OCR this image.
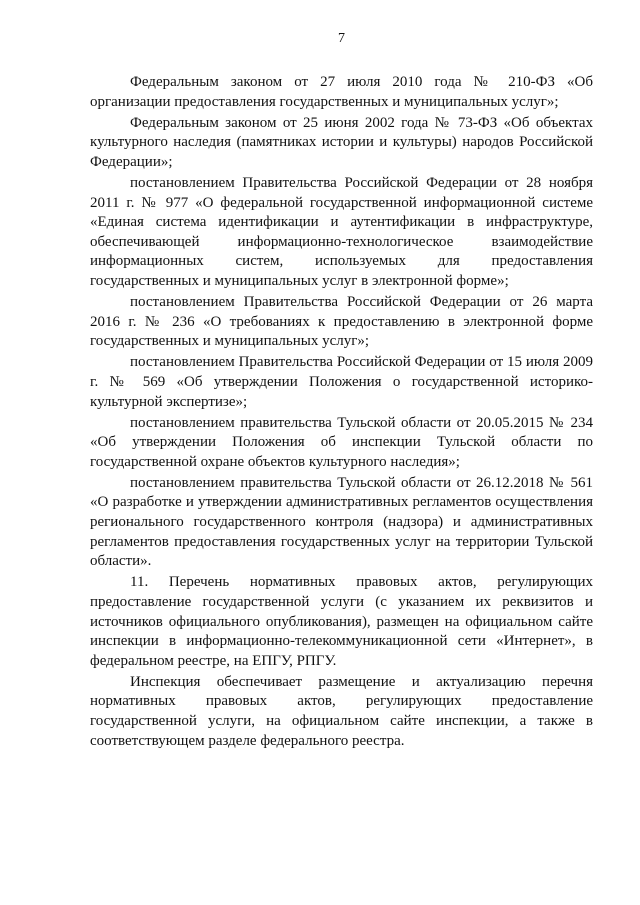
7

Федеральным законом от 27 июля 2010 года № 210-ФЗ «Об организации предоставления государственных и муниципальных услуг»;

Федеральным законом от 25 июня 2002 года № 73-ФЗ «Об объектах культурного наследия (памятниках истории и культуры) народов Российской Федерации»;

постановлением Правительства Российской Федерации от 28 ноября 2011 г. № 977 «О федеральной государственной информационной системе «Единая система идентификации и аутентификации в инфраструктуре, обеспечивающей информационно-технологическое взаимодействие информационных систем, используемых для предоставления государственных и муниципальных услуг в электронной форме»;

постановлением Правительства Российской Федерации от 26 марта 2016 г. № 236 «О требованиях к предоставлению в электронной форме государственных и муниципальных услуг»;

постановлением Правительства Российской Федерации от 15 июля 2009 г. № 569 «Об утверждении Положения о государственной историко-культурной экспертизе»;

постановлением правительства Тульской области от 20.05.2015 № 234 «Об утверждении Положения об инспекции Тульской области по государственной охране объектов культурного наследия»;

постановлением правительства Тульской области от 26.12.2018 № 561 «О разработке и утверждении административных регламентов осуществления регионального государственного контроля (надзора) и административных регламентов предоставления государственных услуг на территории Тульской области».

11. Перечень нормативных правовых актов, регулирующих предоставление государственной услуги (с указанием их реквизитов и источников официального опубликования), размещен на официальном сайте инспекции в информационно-телекоммуникационной сети «Интернет», в федеральном реестре, на ЕПГУ, РПГУ.

Инспекция обеспечивает размещение и актуализацию перечня нормативных правовых актов, регулирующих предоставление государственной услуги, на официальном сайте инспекции, а также в соответствующем разделе федерального реестра.
